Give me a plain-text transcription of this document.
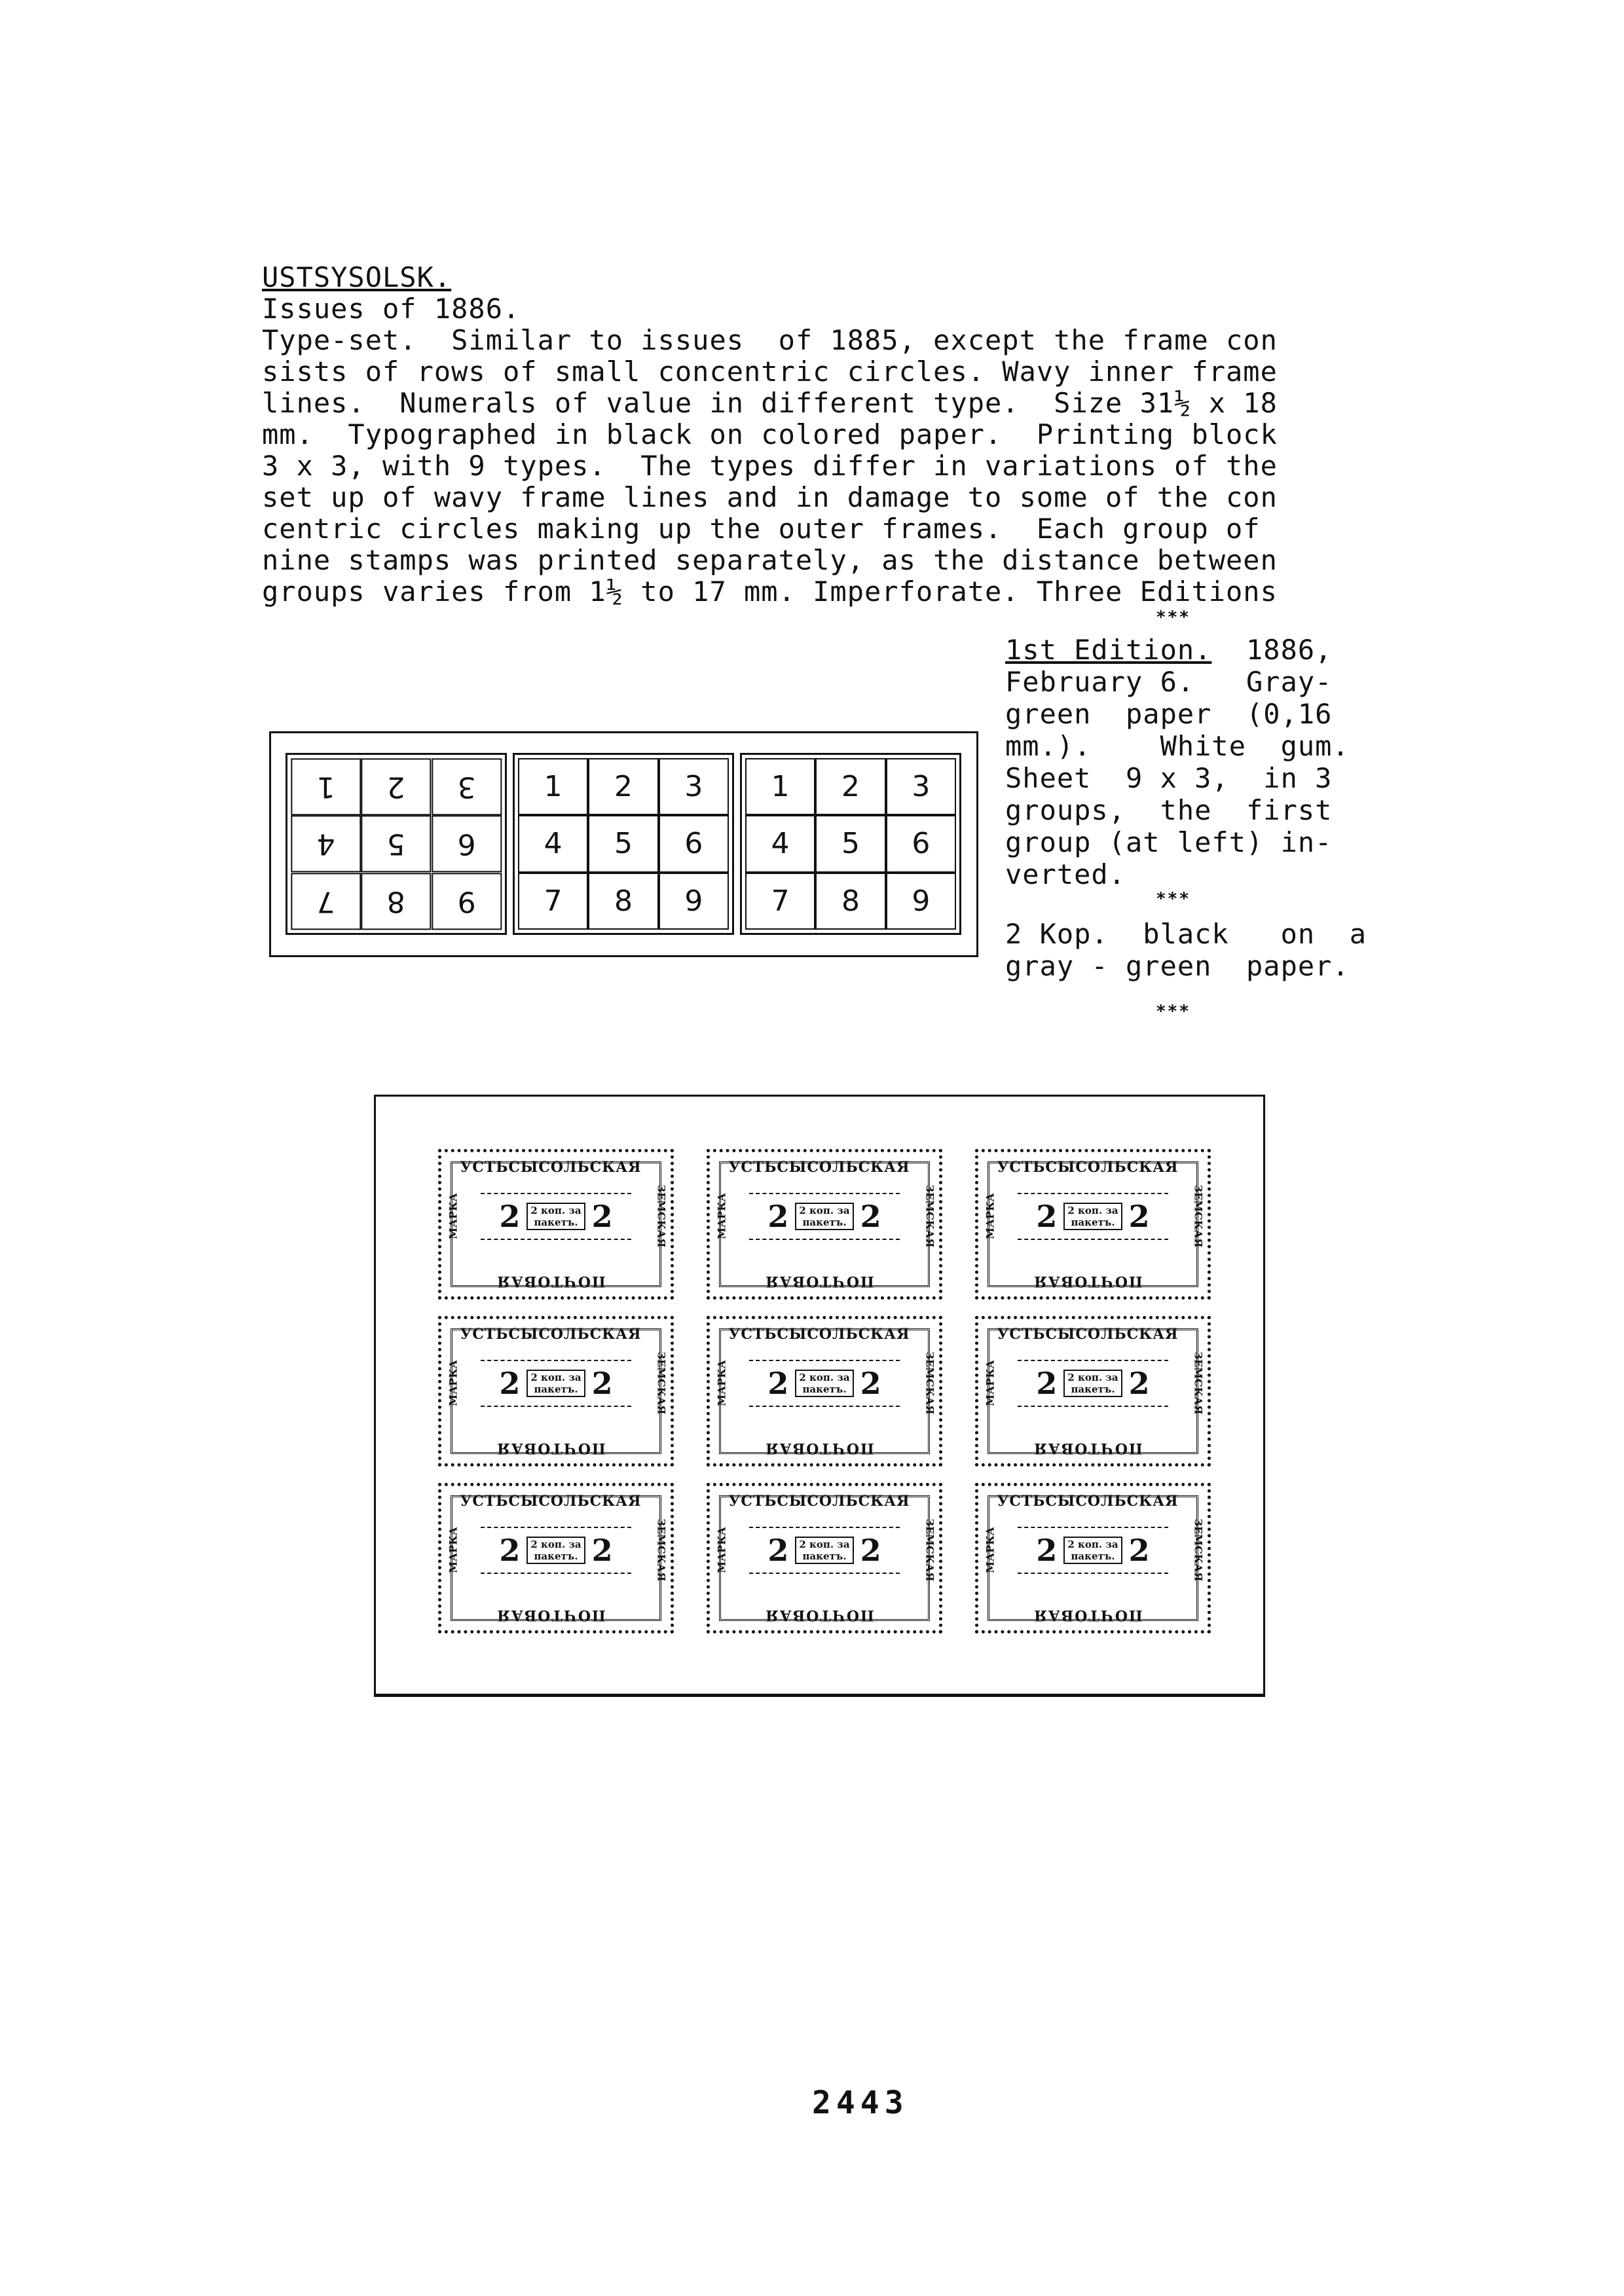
USTSYSOLSK.
Issues of 1886.
Type-set.  Similar to issues  of 1885, except the frame con
sists of rows of small concentric circles. Wavy inner frame
lines.  Numerals of value in different type.  Size 31½ x 18
mm.  Typographed in black on colored paper.  Printing block
3 x 3, with 9 types.  The types differ in variations of the
set up of wavy frame lines and in damage to some of the con
centric circles making up the outer frames.  Each group of
nine stamps was printed separately, as the distance between
groups varies from 1½ to 17 mm. Imperforate. Three Editions
***
1st Edition.  1886,
February 6.   Gray-
green  paper  (0,16
mm.).    White  gum.
Sheet  9 x 3,  in 3
groups,  the  first
group (at left) in-
verted.
***
2 Kop.  black   on  a
gray - green  paper.
***
1	2	3
4	5	6
7	8	9
1	2	3
4	5	6
7	8	9
1	2	3
4	5	6
7	8	9
УСТЬСЫСОЛЬСКАЯ
МАРКА	ЗЕМСКАЯ
2	2 коп. за
пакетъ. 2
ПОЧТОВАЯ
УСТЬСЫСОЛЬСКАЯ
МАРКА	ЗЕМСКАЯ
2	2 коп. за
пакетъ. 2
ПОЧТОВАЯ
УСТЬСЫСОЛЬСКАЯ
МАРКА	ЗЕМСКАЯ
2	2 коп. за
пакетъ. 2
ПОЧТОВАЯ
УСТЬСЫСОЛЬСКАЯ
МАРКА	ЗЕМСКАЯ
2	2 коп. за
пакетъ. 2
ПОЧТОВАЯ
УСТЬСЫСОЛЬСКАЯ
МАРКА	ЗЕМСКАЯ
2	2 коп. за
пакетъ. 2
ПОЧТОВАЯ
УСТЬСЫСОЛЬСКАЯ
МАРКА	ЗЕМСКАЯ
2	2 коп. за
пакетъ. 2
ПОЧТОВАЯ
УСТЬСЫСОЛЬСКАЯ
МАРКА	ЗЕМСКАЯ
2	2 коп. за
пакетъ. 2
ПОЧТОВАЯ
УСТЬСЫСОЛЬСКАЯ
МАРКА	ЗЕМСКАЯ
2	2 коп. за
пакетъ. 2
ПОЧТОВАЯ
УСТЬСЫСОЛЬСКАЯ
МАРКА	ЗЕМСКАЯ
2	2 коп. за
пакетъ. 2
ПОЧТОВАЯ
2443
